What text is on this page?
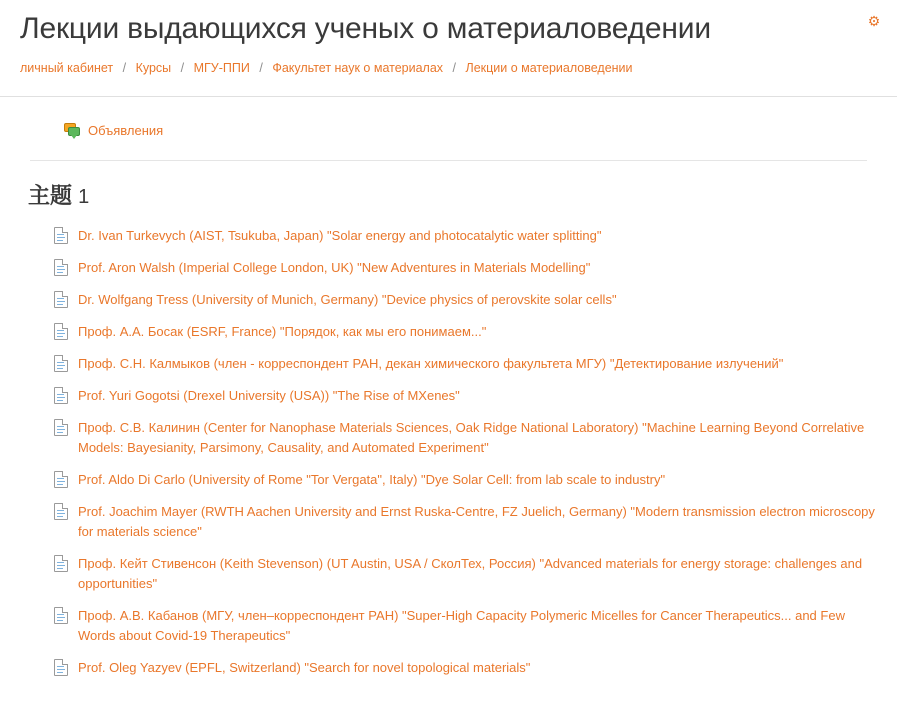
Лекции выдающихся ученых о материаловедении
личный кабинет / Курсы / МГУ-ППИ / Факультет наук о материалах / Лекции о материаловедении
⚙
Объявления
主题 1
Dr. Ivan Turkevych (AIST, Tsukuba, Japan) "Solar energy and photocatalytic water splitting"
Prof. Aron Walsh (Imperial College London, UK) "New Adventures in Materials Modelling"
Dr. Wolfgang Tress (University of Munich, Germany) "Device physics of perovskite solar cells"
Проф. А.А. Босак (ESRF, France) "Порядок, как мы его понимаем..."
Проф. С.Н. Калмыков (член - корреспондент РАН, декан химического факультета МГУ) "Детектирование излучений"
Prof. Yuri Gogotsi (Drexel University (USA)) "The Rise of MXenes"
Проф. С.В. Калинин (Center for Nanophase Materials Sciences, Oak Ridge National Laboratory) "Machine Learning Beyond Correlative Models: Bayesianity, Parsimony, Causality, and Automated Experiment"
Prof. Aldo Di Carlo (University of Rome "Tor Vergata", Italy) "Dye Solar Cell: from lab scale to industry"
Prof. Joachim Mayer (RWTH Aachen University and Ernst Ruska-Centre, FZ Juelich, Germany) "Modern transmission electron microscopy for materials science"
Проф. Кейт Стивенсон (Keith Stevenson) (UT Austin, USA / СколТех, Россия) "Advanced materials for energy storage: challenges and opportunities"
Проф. А.В. Кабанов (МГУ, член–корреспондент РАН) "Super-High Capacity Polymeric Micelles for Cancer Therapeutics... and Few Words about Covid-19 Therapeutics"
Prof. Oleg Yazyev (EPFL, Switzerland) "Search for novel topological materials"
